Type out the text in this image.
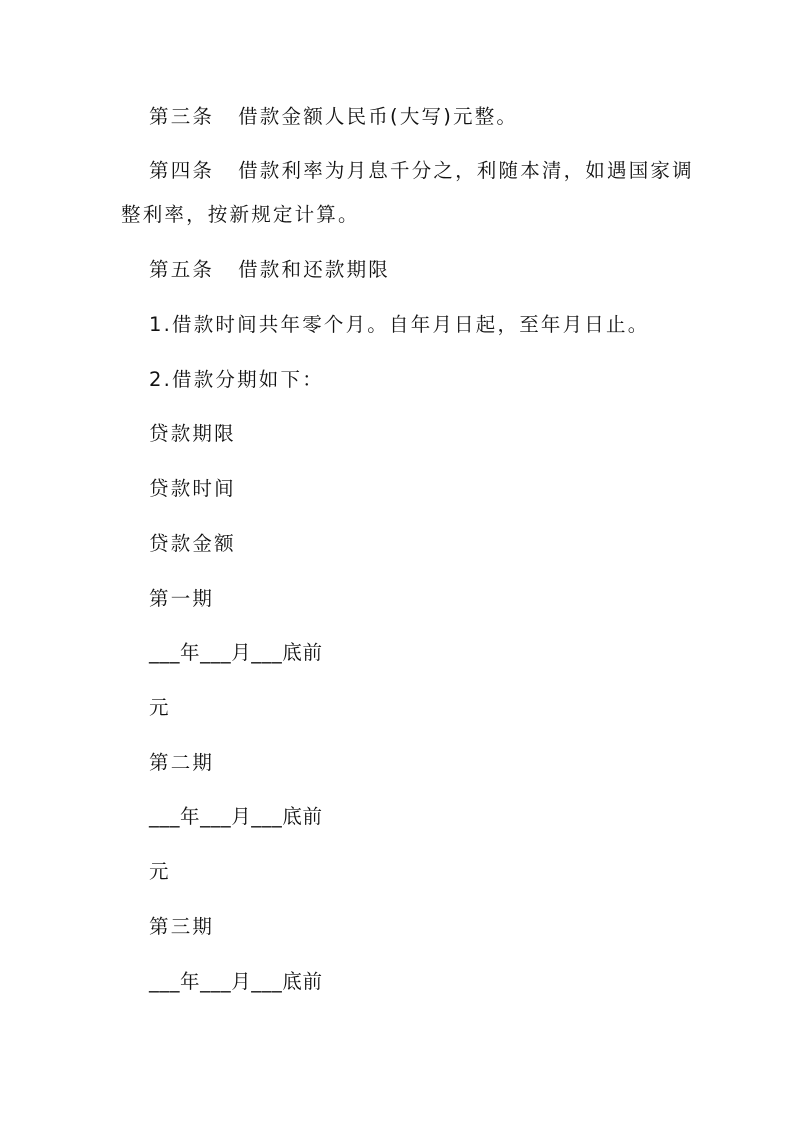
第三条 借款金额人民币(大写)元整。
第四条 借款利率为月息千分之，利随本清，如遇国家调
整利率，按新规定计算。
第五条 借款和还款期限
1.借款时间共年零个月。自年月日起，至年月日止。
2.借款分期如下：
贷款期限
贷款时间
贷款金额
第一期
___年___月___底前
元
第二期
___年___月___底前
元
第三期
___年___月___底前
